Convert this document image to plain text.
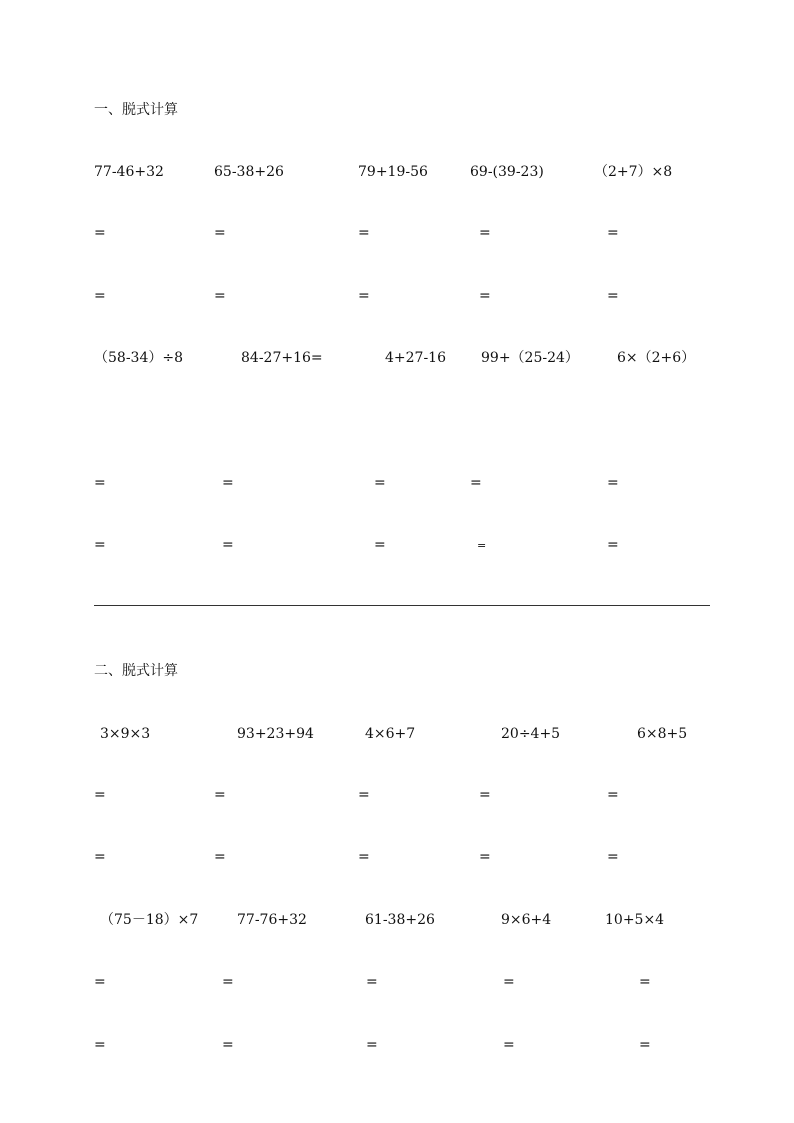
一、脱式计算
77-46+32	65-38+26	79+19-56	69-(39-23)	（2+7）×8
=	=	=	=	=
=	=	=	=	=
（58-34）÷8	84-27+16=	4+27-16	99+（25-24）	6×（2+6）
=	=	=	=	=
=	=	=	=	=
二、脱式计算
3×9×3	93+23+94	4×6+7	20÷4+5	6×8+5
=	=	=	=	=
=	=	=	=	=
（75－18）×7	77-76+32	61-38+26	9×6+4	10+5×4
=	=	=	=	=
=	=	=	=	=
